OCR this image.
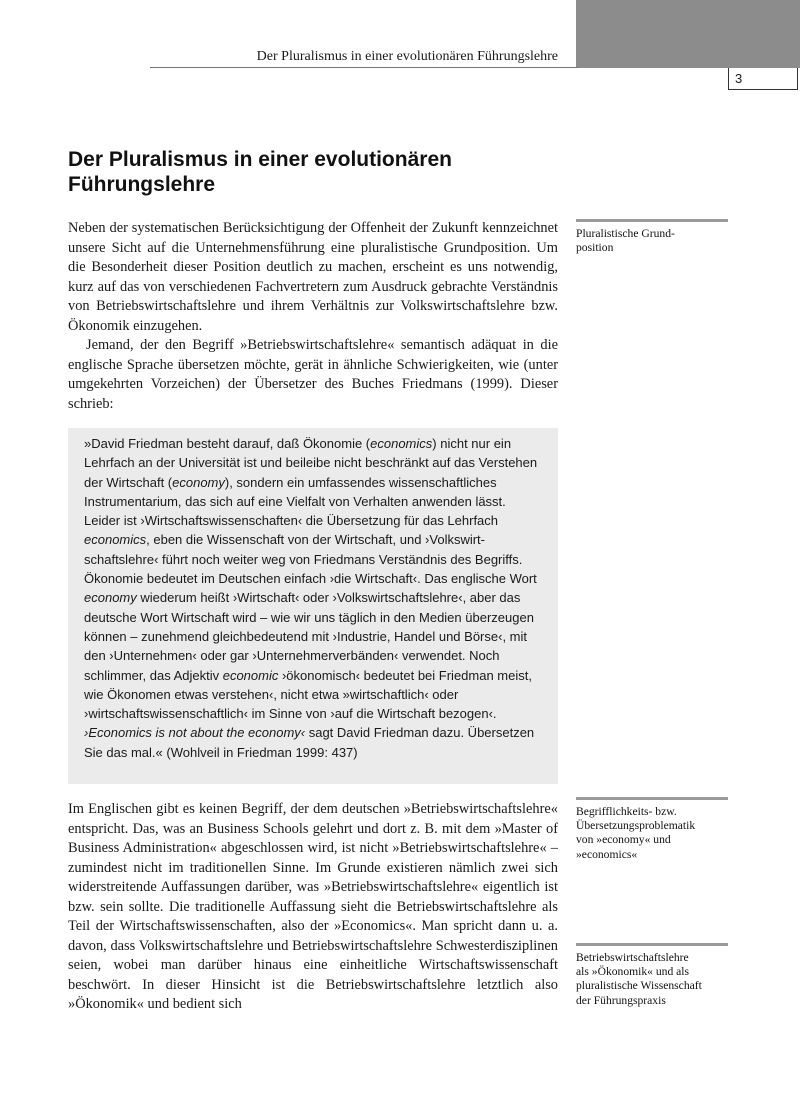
3
Der Pluralismus in einer evolutionären Führungslehre
Der Pluralismus in einer evolutionären Führungslehre

Neben der systematischen Berücksichtigung der Offenheit der Zukunft kennzeichnet unsere Sicht auf die Unternehmensführung eine pluralistische Grundposition. Um die Besonderheit dieser Position deutlich zu machen, erscheint es uns notwendig, kurz auf das von verschiedenen Fachvertretern zum Ausdruck gebrachte Verständnis von Betriebswirtschaftslehre und ihrem Verhältnis zur Volkswirtschaftslehre bzw. Ökonomik einzugehen.

Jemand, der den Begriff »Betriebswirtschaftslehre« semantisch adäquat in die englische Sprache übersetzen möchte, gerät in ähnliche Schwierigkeiten, wie (unter umgekehrten Vorzeichen) der Übersetzer des Buches Friedmans (1999). Dieser schrieb:

»David Friedman besteht darauf, daß Ökonomie (economics) nicht nur ein Lehrfach an der Universität ist und beileibe nicht beschränkt auf das Verstehen der Wirtschaft (economy), sondern ein umfassendes wissenschaftliches Instrumentarium, das sich auf eine Vielfalt von Verhalten anwenden lässt. Leider ist ›Wirtschaftswissenschaften‹ die Übersetzung für das Lehrfach economics, eben die Wissenschaft von der Wirtschaft, und ›Volkswirtschaftslehre‹ führt noch weiter weg von Friedmans Verständnis des Begriffs. Ökonomie bedeutet im Deutschen einfach ›die Wirtschaft‹. Das englische Wort economy wiederum heißt ›Wirtschaft‹ oder ›Volkswirtschaftslehre‹, aber das deutsche Wort Wirtschaft wird – wie wir uns täglich in den Medien überzeugen können – zunehmend gleichbedeutend mit ›Industrie, Handel und Börse‹, mit den ›Unternehmen‹ oder gar ›Unternehmerverbänden‹ verwendet. Noch schlimmer, das Adjektiv economic ›ökonomisch‹ bedeutet bei Friedman meist, wie Ökonomen etwas verstehen‹, nicht etwa »wirtschaftlich‹ oder ›wirtschaftswissenschaftlich‹ im Sinne von ›auf die Wirtschaft bezogen‹. ›Economics is not about the economy‹ sagt David Friedman dazu. Übersetzen Sie das mal.« (Wohlveil in Friedman 1999: 437)

Im Englischen gibt es keinen Begriff, der dem deutschen »Betriebswirtschaftslehre« entspricht. Das, was an Business Schools gelehrt und dort z. B. mit dem »Master of Business Administration« abgeschlossen wird, ist nicht »Betriebswirtschaftslehre« – zumindest nicht im traditionellen Sinne. Im Grunde existieren nämlich zwei sich widerstreitende Auffassungen darüber, was »Betriebswirtschaftslehre« eigentlich ist bzw. sein sollte. Die traditionelle Auffassung sieht die Betriebswirtschaftslehre als Teil der Wirtschaftswissenschaften, also der »Economics«. Man spricht dann u. a. davon, dass Volkswirtschaftslehre und Betriebswirtschaftslehre Schwesterdisziplinen seien, wobei man darüber hinaus eine einheitliche Wirtschaftswissenschaft beschwört. In dieser Hinsicht ist die Betriebswirtschaftslehre letztlich also »Ökonomik« und bedient sich

Pluralistische Grund-
position
Begrifflichkeits- bzw.
Übersetzungsproblematik
von »economy« und
»economics«
Betriebswirtschaftslehre
als »Ökonomik« und als
pluralistische Wissenschaft
der Führungspraxis
